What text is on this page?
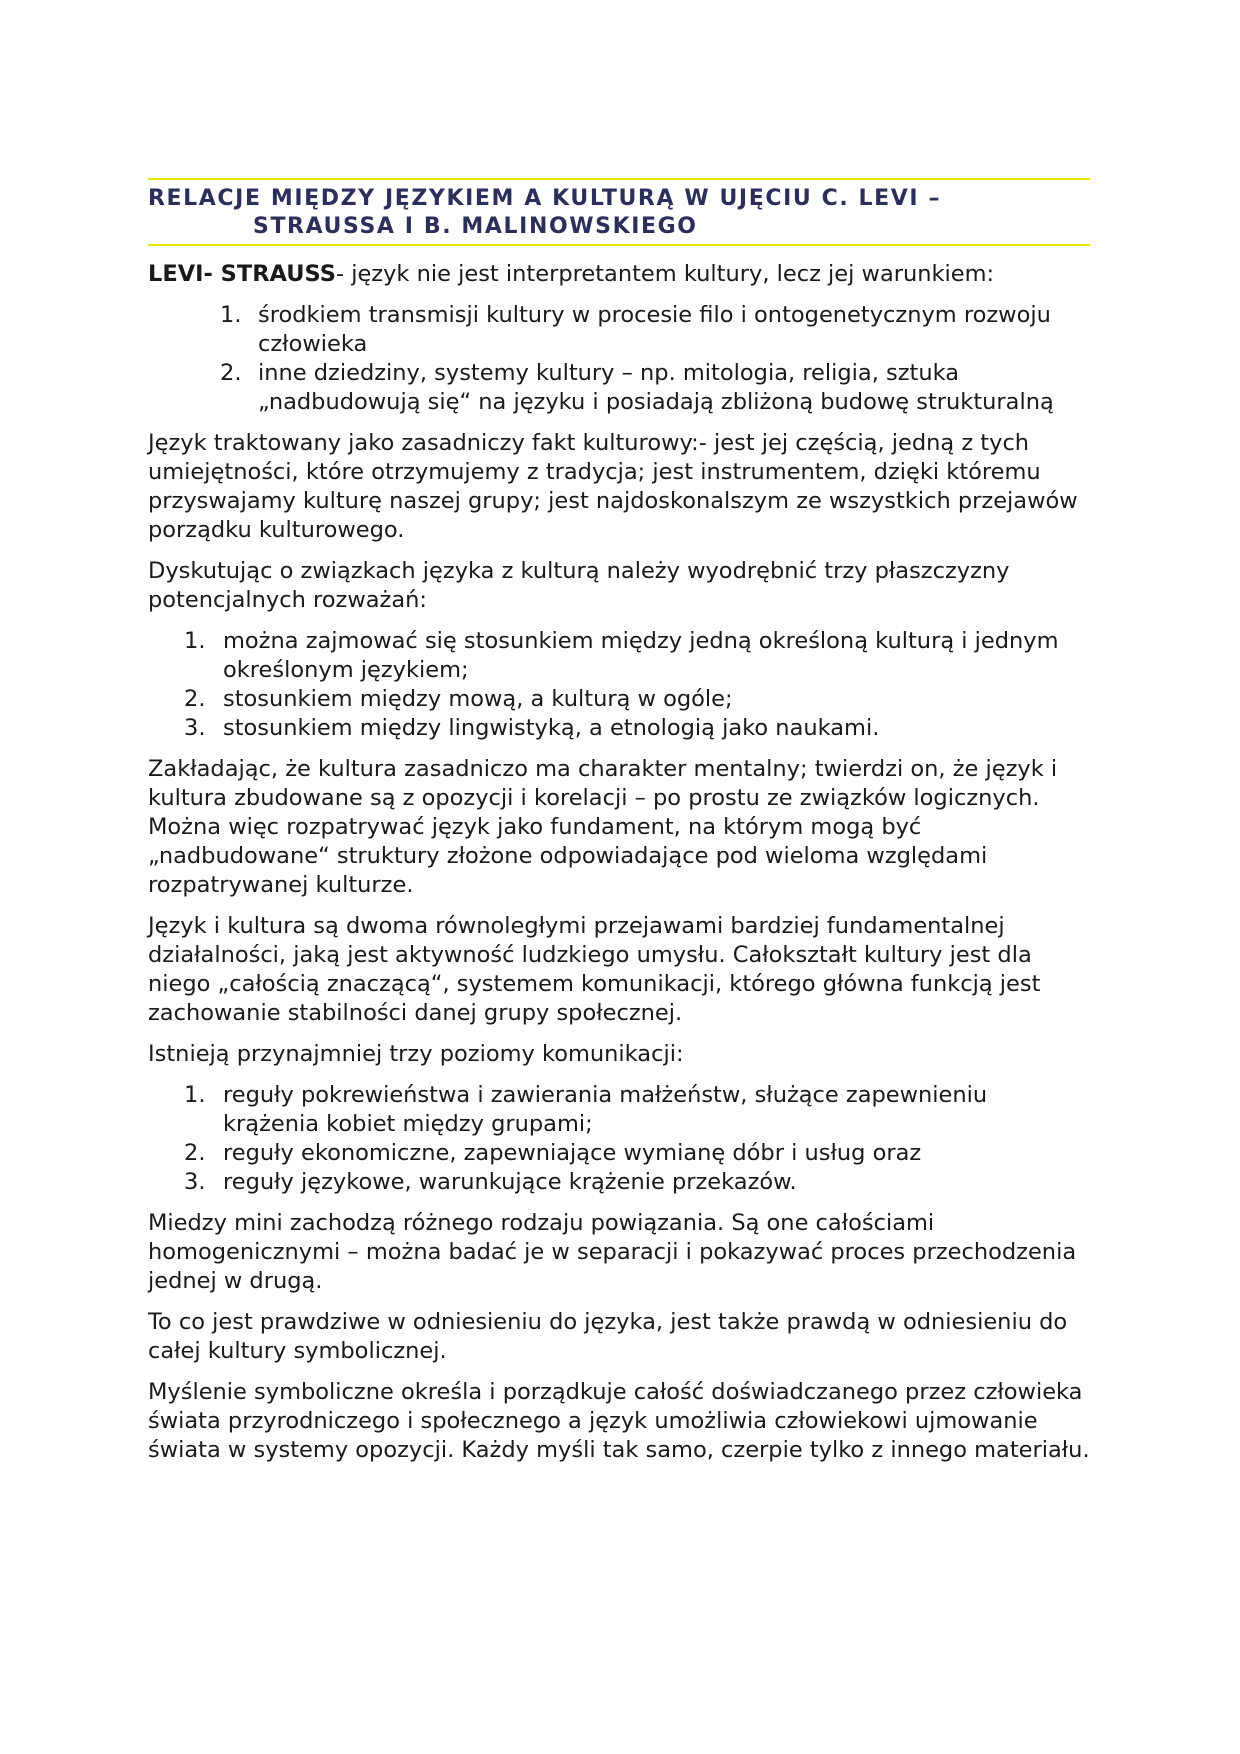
RELACJE MIĘDZY JĘZYKIEM A KULTURĄ W UJĘCIU C. LEVI –
STRAUSSA I B. MALINOWSKIEGO

LEVI- STRAUSS- język nie jest interpretantem kultury, lecz jej warunkiem:

1. środkiem transmisji kultury w procesie filo i ontogenetycznym rozwoju człowieka
2. inne dziedziny, systemy kultury – np. mitologia, religia, sztuka „nadbudowują się“ na języku i posiadają zbliżoną budowę strukturalną

Język traktowany jako zasadniczy fakt kulturowy:- jest jej częścią, jedną z tych umiejętności, które otrzymujemy z tradycja; jest instrumentem, dzięki któremu przyswajamy kulturę naszej grupy; jest najdoskonalszym ze wszystkich przejawów porządku kulturowego.

Dyskutując o związkach języka z kulturą należy wyodrębnić trzy płaszczyzny potencjalnych rozważań:

1. można zajmować się stosunkiem między jedną określoną kulturą i jednym określonym językiem;
2. stosunkiem między mową, a kulturą w ogóle;
3. stosunkiem między lingwistyką, a etnologią jako naukami.

Zakładając, że kultura zasadniczo ma charakter mentalny; twierdzi on, że język i kultura zbudowane są z opozycji i korelacji – po prostu ze związków logicznych. Można więc rozpatrywać język jako fundament, na którym mogą być „nadbudowane“ struktury złożone odpowiadające pod wieloma względami rozpatrywanej kulturze.

Język i kultura są dwoma równoległymi przejawami bardziej fundamentalnej działalności, jaką jest aktywność ludzkiego umysłu. Całokształt kultury jest dla niego „całością znaczącą“, systemem komunikacji, którego główna funkcją jest zachowanie stabilności danej grupy społecznej.

Istnieją przynajmniej trzy poziomy komunikacji:

1. reguły pokrewieństwa i zawierania małżeństw, służące zapewnieniu krążenia kobiet między grupami;
2. reguły ekonomiczne, zapewniające wymianę dóbr i usług oraz
3. reguły językowe, warunkujące krążenie przekazów.

Miedzy mini zachodzą różnego rodzaju powiązania. Są one całościami homogenicznymi – można badać je w separacji i pokazywać proces przechodzenia jednej w drugą.

To co jest prawdziwe w odniesieniu do języka, jest także prawdą w odniesieniu do całej kultury symbolicznej.

Myślenie symboliczne określa i porządkuje całość doświadczanego przez człowieka świata przyrodniczego i społecznego a język umożliwia człowiekowi ujmowanie świata w systemy opozycji. Każdy myśli tak samo, czerpie tylko z innego materiału.
